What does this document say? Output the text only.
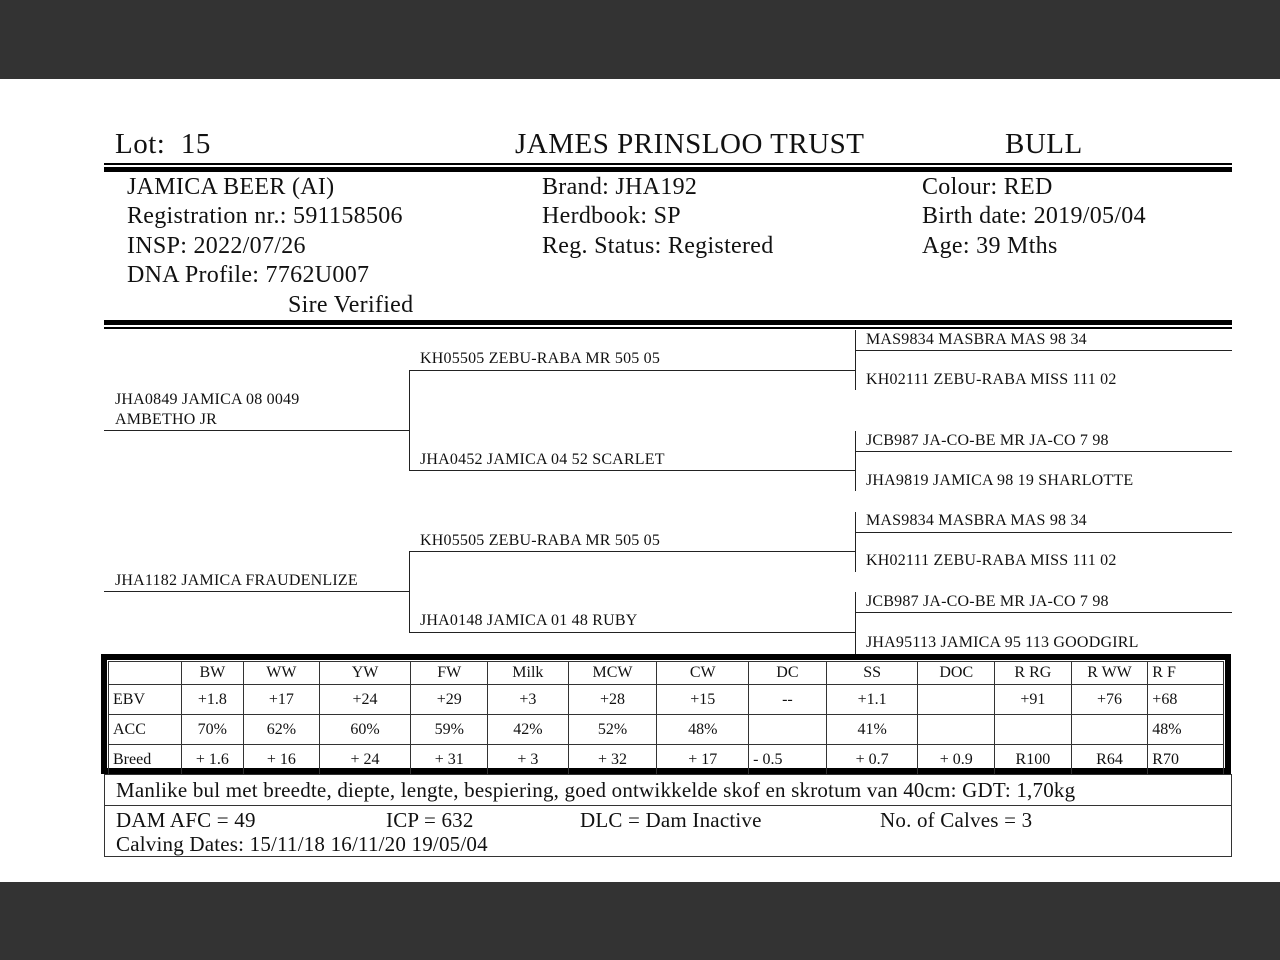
Lot: 15	JAMES PRINSLOO TRUST	BULL
JAMICA BEER (AI)
Registration nr.: 591158506
INSP: 2022/07/26
DNA Profile: 7762U007
Sire Verified
Brand: JHA192
Herdbook: SP
Reg. Status: Registered
Colour: RED
Birth date: 2019/05/04
Age: 39 Mths
JHA0849 JAMICA 08 0049
AMBETHO JR
JHA1182 JAMICA FRAUDENLIZE
KH05505 ZEBU-RABA MR 505 05
JHA0452 JAMICA 04 52 SCARLET
KH05505 ZEBU-RABA MR 505 05
JHA0148 JAMICA 01 48 RUBY
MAS9834 MASBRA MAS 98 34
KH02111 ZEBU-RABA MISS 111 02
JCB987 JA-CO-BE MR JA-CO 7 98
JHA9819 JAMICA 98 19 SHARLOTTE
MAS9834 MASBRA MAS 98 34
KH02111 ZEBU-RABA MISS 111 02
JCB987 JA-CO-BE MR JA-CO 7 98
JHA95113 JAMICA 95 113 GOODGIRL
	BW	WW	YW	FW	Milk	MCW	CW	DC	SS	DOC	R RG	R WW	R F
EBV	+1.8	+17	+24	+29	+3	+28	+15	--	+1.1		+91	+76	+68
ACC	70%	62%	60%	59%	42%	52%	48%		41%				48%
Breed	+ 1.6	+ 16	+ 24	+ 31	+ 3	+ 32	+ 17	- 0.5	+ 0.7	+ 0.9	R100	R64	R70
Manlike bul met breedte, diepte, lengte, bespiering, goed ontwikkelde skof en skrotum van 40cm: GDT: 1,70kg
DAM AFC = 49	ICP = 632	DLC = Dam Inactive	No. of Calves = 3
Calving Dates: 15/11/18 16/11/20 19/05/04
